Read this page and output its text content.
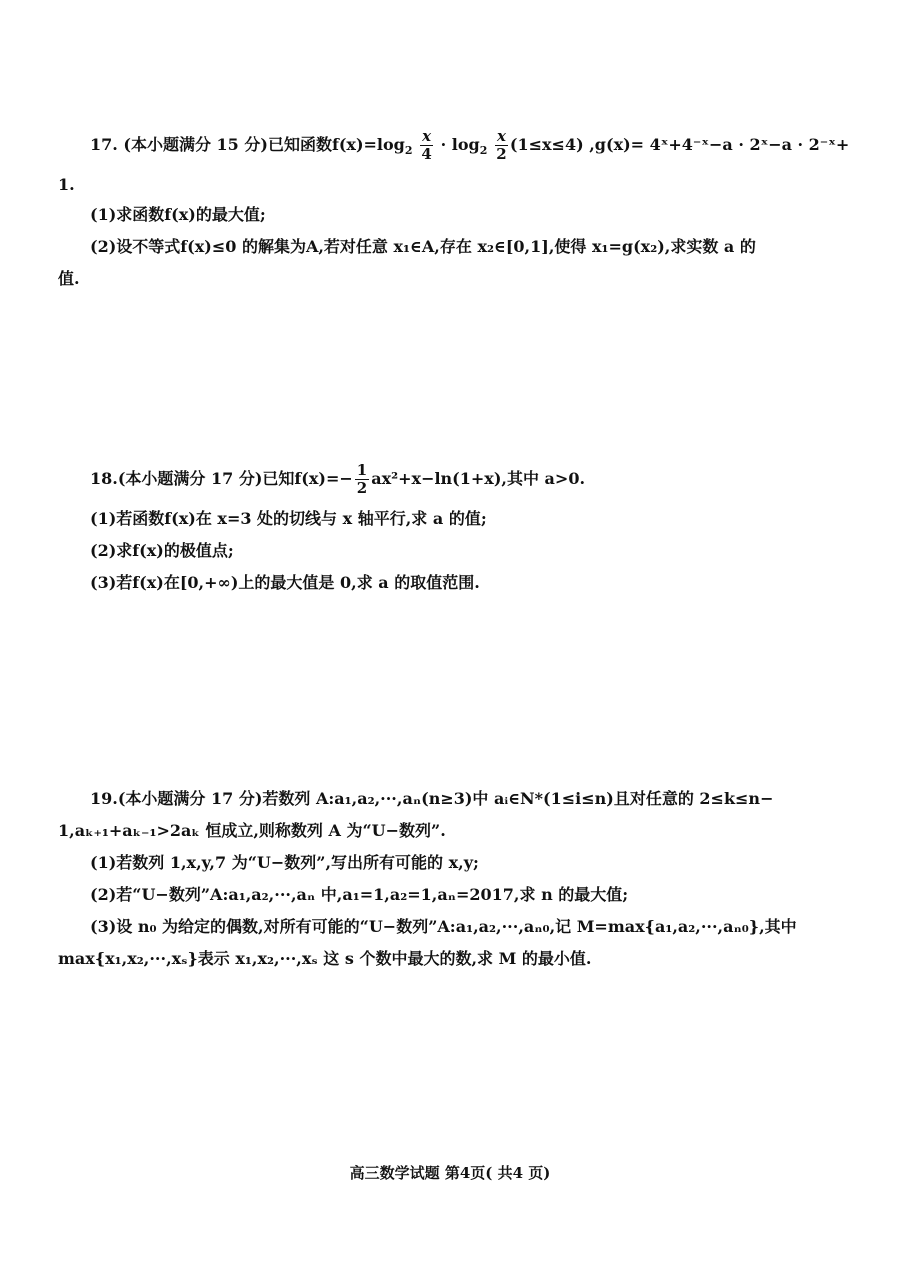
17. (本小题满分 15 分)已知函数$f(x)=\log_2 \frac{x}{4} \cdot \log_2 \frac{x}{2} (1\le x\le 4)$ ,g(x)= 4ˣ+4⁻ˣ−a · 2ˣ−a · 2⁻ˣ+
1.
(1)求函数f(x)的最大值;
(2)设不等式f(x)≤0 的解集为A,若对任意 x₁∈A,存在 x₂∈[0,1],使得 x₁=g(x₂),求实数 a 的
值.
18.(本小题满分 17 分)已知$f(x)=- \frac{1}{2} ax^2+x-\ln(1+x)$,其中 a>0.
(1)若函数f(x)在 x=3 处的切线与 x 轴平行,求 a 的值;
(2)求f(x)的极值点;
(3)若f(x)在[0,+∞)上的最大值是 0,求 a 的取值范围.
19.(本小题满分 17 分)若数列 A:a₁,a₂,···,aₙ(n≥3)中 aᵢ∈N*(1≤i≤n)且对任意的 2≤k≤n−
1,aₖ₊₁+aₖ₋₁>2aₖ 恒成立,则称数列 A 为“U−数列”.
(1)若数列 1,x,y,7 为“U−数列”,写出所有可能的 x,y;
(2)若“U−数列”A:a₁,a₂,···,aₙ 中,a₁=1,a₂=1,aₙ=2017,求 n 的最大值;
(3)设 n₀ 为给定的偶数,对所有可能的“U−数列”A:a₁,a₂,···,aₙ₀,记 M=max{a₁,a₂,···,aₙ₀},其中
max{x₁,x₂,···,xₛ}表示 x₁,x₂,···,xₛ 这 s 个数中最大的数,求 M 的最小值.
高三数学试题 第4页( 共4 页)
